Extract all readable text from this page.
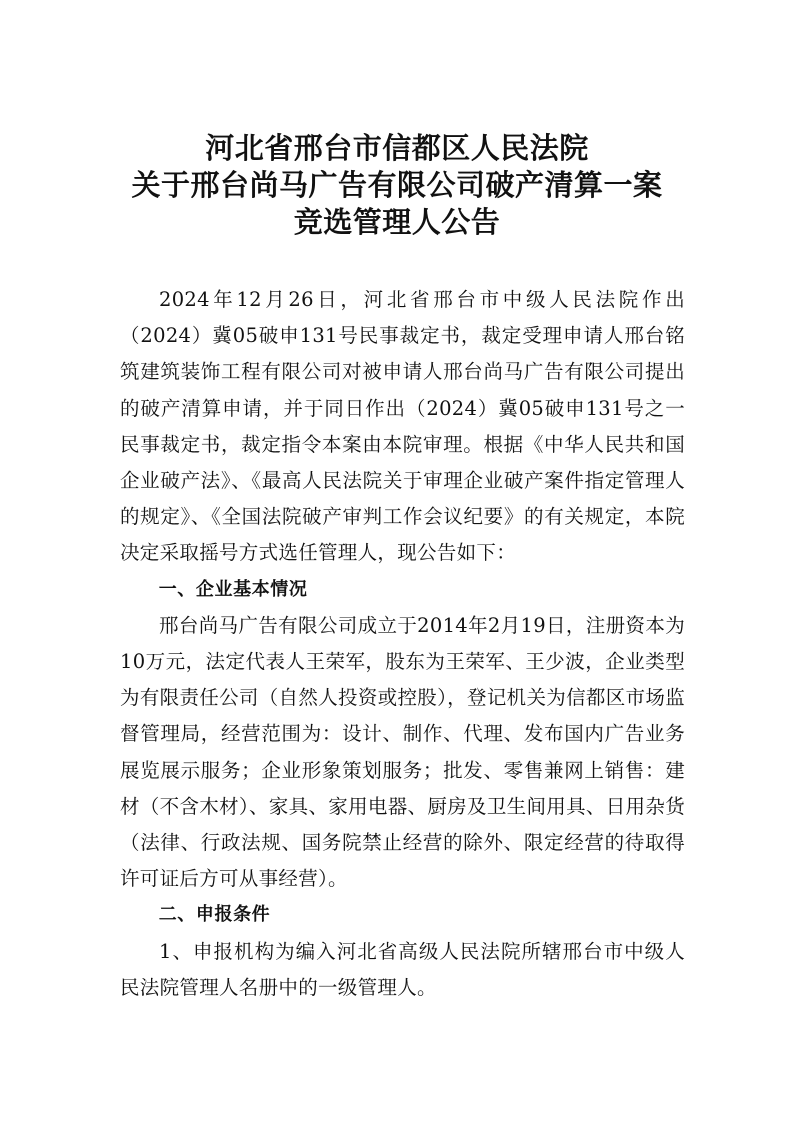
河北省邢台市信都区人民法院
关于邢台尚马广告有限公司破产清算一案
竞选管理人公告

2024年12月26日，河北省邢台市中级人民法院作出（2024）冀05破申131号民事裁定书，裁定受理申请人邢台铭筑建筑装饰工程有限公司对被申请人邢台尚马广告有限公司提出的破产清算申请，并于同日作出（2024）冀05破申131号之一民事裁定书，裁定指令本案由本院审理。根据《中华人民共和国企业破产法》、《最高人民法院关于审理企业破产案件指定管理人的规定》、《全国法院破产审判工作会议纪要》的有关规定，本院决定采取摇号方式选任管理人，现公告如下：

一、企业基本情况

邢台尚马广告有限公司成立于2014年2月19日，注册资本为10万元，法定代表人王荣军，股东为王荣军、王少波，企业类型为有限责任公司（自然人投资或控股），登记机关为信都区市场监督管理局，经营范围为：设计、制作、代理、发布国内广告业务展览展示服务；企业形象策划服务；批发、零售兼网上销售：建材（不含木材）、家具、家用电器、厨房及卫生间用具、日用杂货（法律、行政法规、国务院禁止经营的除外、限定经营的待取得许可证后方可从事经营）。

二、申报条件

1、申报机构为编入河北省高级人民法院所辖邢台市中级人民法院管理人名册中的一级管理人。
